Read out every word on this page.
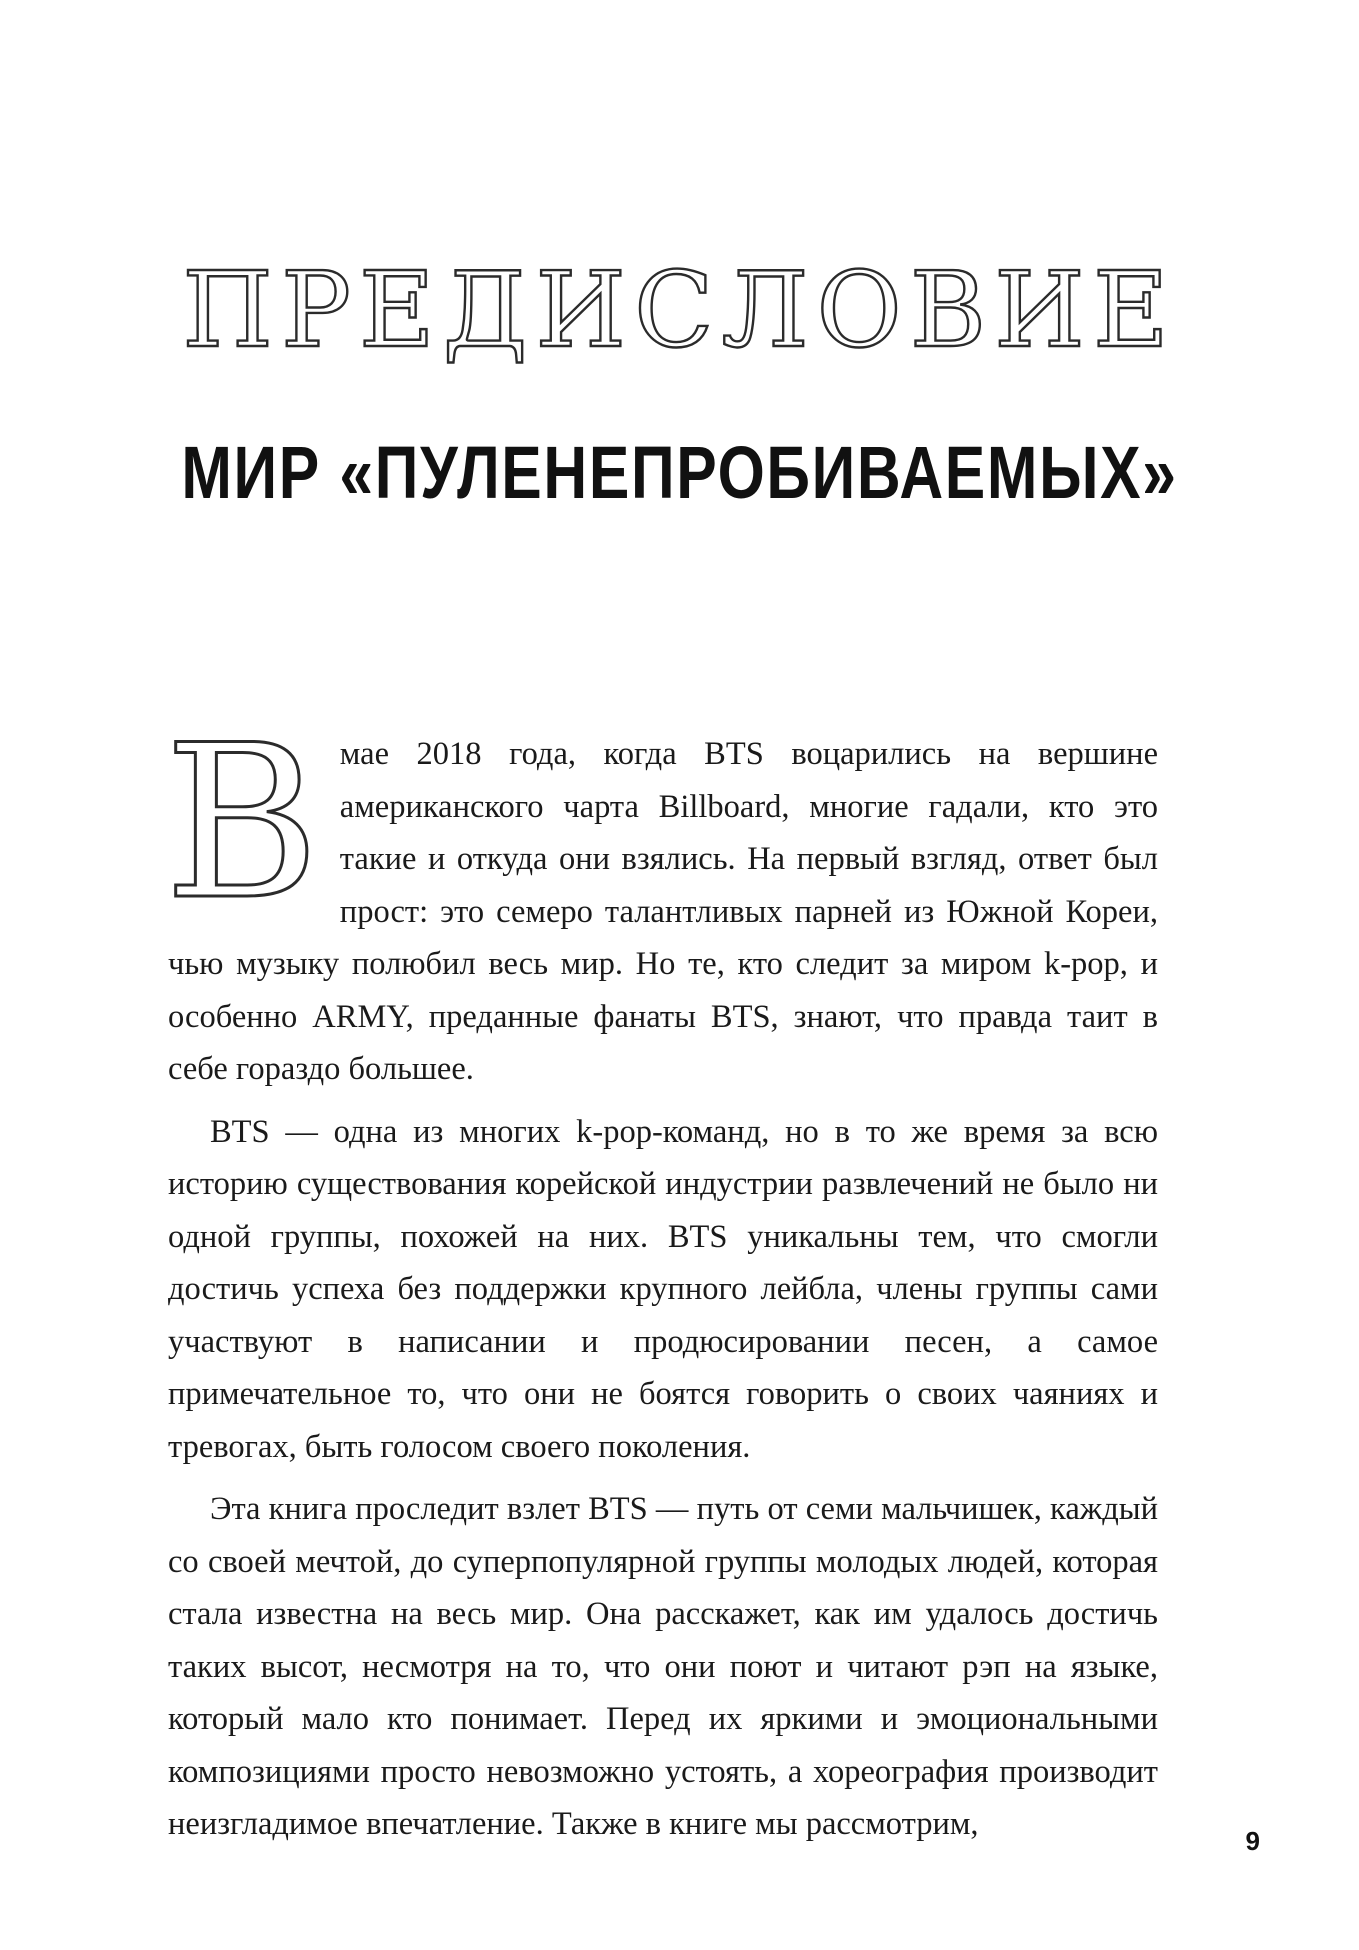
ПРЕДИСЛОВИЕ
МИР «ПУЛЕНЕПРОБИВАЕМЫХ»

В мае 2018 года, когда BTS воцарились на вершине американского чарта Billboard, многие гадали, кто это такие и откуда они взялись. На первый взгляд, ответ был прост: это семеро талантливых парней из Южной Кореи, чью музыку полюбил весь мир. Но те, кто следит за миром k-pop, и особенно ARMY, преданные фанаты BTS, знают, что правда таит в себе гораздо большее.

BTS — одна из многих k-pop-команд, но в то же время за всю историю существования корейской индустрии развлечений не было ни одной группы, похожей на них. BTS уникальны тем, что смогли достичь успеха без поддержки крупного лейбла, члены группы сами участвуют в написании и продюсировании песен, а самое примечательное то, что они не боятся говорить о своих чаяниях и тревогах, быть голосом своего поколения.

Эта книга проследит взлет BTS — путь от семи мальчишек, каждый со своей мечтой, до суперпопулярной группы молодых людей, которая стала известна на весь мир. Она расскажет, как им удалось достичь таких высот, несмотря на то, что они поют и читают рэп на языке, который мало кто понимает. Перед их яркими и эмоциональными композициями просто невозможно устоять, а хореография производит неизгладимое впечатление. Также в книге мы рассмотрим,	9
